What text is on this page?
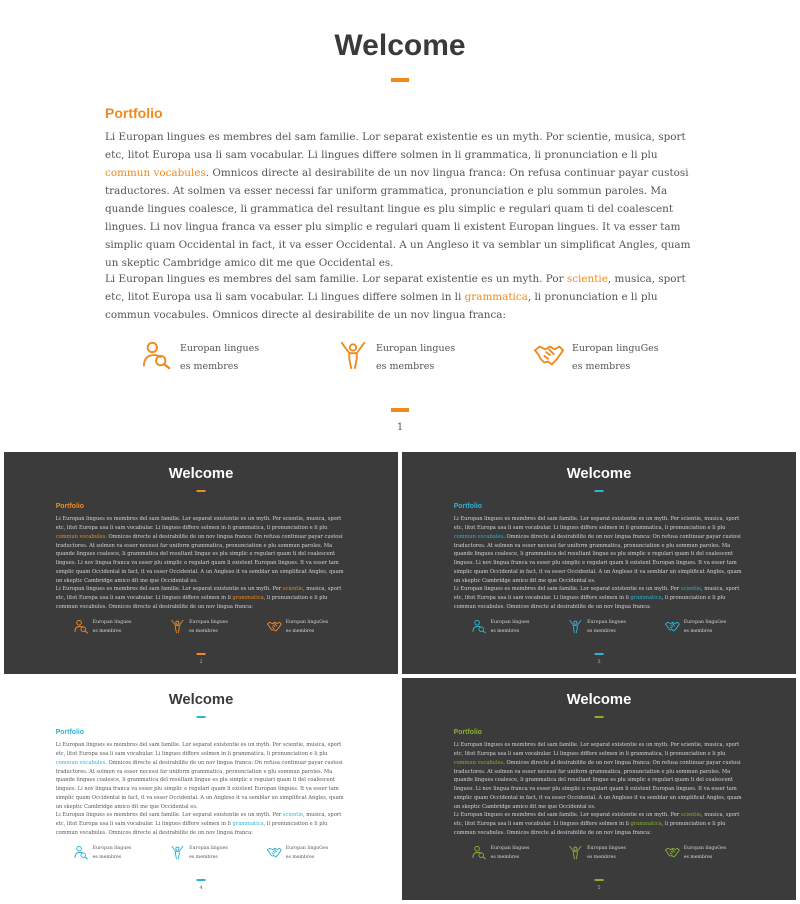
Welcome
Portfolio
Li Europan lingues es membres del sam familie. Lor separat existentie es un myth. Por scientie, musica, sport etc, litot Europa usa li sam vocabular. Li lingues differe solmen in li grammatica, li pronunciation e li plu commun vocabules. Omnicos directe al desirabilite de un nov lingua franca: On refusa continuar payar custosi traductores. At solmen va esser necessi far uniform grammatica, pronunciation e plu sommun paroles. Ma quande lingues coalesce, li grammatica del resultant lingue es plu simplic e regulari quam ti del coalescent lingues. Li nov lingua franca va esser plu simplic e regulari quam li existent Europan lingues. It va esser tam simplic quam Occidental in fact, it va esser Occidental. A un Angleso it va semblar un simplificat Angles, quam un skeptic Cambridge amico dit me que Occidental es.
Li Europan lingues es membres del sam familie. Lor separat existentie es un myth. Por scientie, musica, sport etc, litot Europa usa li sam vocabular. Li lingues differe solmen in li grammatica, li pronunciation e li plu commun vocabules. Omnicos directe al desirabilite de un nov lingua franca:
Europan lingues
es membres
Europan lingues
es membres
Europan linguGes
es membres
1
Welcome
Portfolio
Li Europan lingues es membres del sam familie. Lor separat existentie es un myth. Por scientie, musica, sport etc, litot Europa usa li sam vocabular. Li lingues differe solmen in li grammatica, li pronunciation e li plu commun vocabules. Omnicos directe al desirabilite de un nov lingua franca: On refusa continuar payar custosi traductores. At solmen va esser necessi far uniform grammatica, pronunciation e plu sommun paroles. Ma quande lingues coalesce, li grammatica del resultant lingue es plu simplic e regulari quam ti del coalescent lingues. Li nov lingua franca va esser plu simplic e regulari quam li existent Europan lingues. It va esser tam simplic quam Occidental in fact, it va esser Occidental. A un Angleso it va semblar un simplificat Angles, quam un skeptic Cambridge amico dit me que Occidental es.
Li Europan lingues es membres del sam familie. Lor separat existentie es un myth. Por scientie, musica, sport etc, litot Europa usa li sam vocabular. Li lingues differe solmen in li grammatica, li pronunciation e li plu commun vocabules. Omnicos directe al desirabilite de un nov lingua franca:
Europan lingues
es membres
Europan lingues
es membres
Europan linguGes
es membres
2
Welcome
Portfolio
Li Europan lingues es membres del sam familie. Lor separat existentie es un myth. Por scientie, musica, sport etc, litot Europa usa li sam vocabular. Li lingues differe solmen in li grammatica, li pronunciation e li plu commun vocabules. Omnicos directe al desirabilite de un nov lingua franca: On refusa continuar payar custosi traductores. At solmen va esser necessi far uniform grammatica, pronunciation e plu sommun paroles. Ma quande lingues coalesce, li grammatica del resultant lingue es plu simplic e regulari quam ti del coalescent lingues. Li nov lingua franca va esser plu simplic e regulari quam li existent Europan lingues. It va esser tam simplic quam Occidental in fact, it va esser Occidental. A un Angleso it va semblar un simplificat Angles, quam un skeptic Cambridge amico dit me que Occidental es.
Li Europan lingues es membres del sam familie. Lor separat existentie es un myth. Por scientie, musica, sport etc, litot Europa usa li sam vocabular. Li lingues differe solmen in li grammatica, li pronunciation e li plu commun vocabules. Omnicos directe al desirabilite de un nov lingua franca:
Europan lingues
es membres
Europan lingues
es membres
Europan linguGes
es membres
3
Welcome
Portfolio
Li Europan lingues es membres del sam familie. Lor separat existentie es un myth. Por scientie, musica, sport etc, litot Europa usa li sam vocabular. Li lingues differe solmen in li grammatica, li pronunciation e li plu commun vocabules. Omnicos directe al desirabilite de un nov lingua franca: On refusa continuar payar custosi traductores. At solmen va esser necessi far uniform grammatica, pronunciation e plu sommun paroles. Ma quande lingues coalesce, li grammatica del resultant lingue es plu simplic e regulari quam ti del coalescent lingues. Li nov lingua franca va esser plu simplic e regulari quam li existent Europan lingues. It va esser tam simplic quam Occidental in fact, it va esser Occidental. A un Angleso it va semblar un simplificat Angles, quam un skeptic Cambridge amico dit me que Occidental es.
Li Europan lingues es membres del sam familie. Lor separat existentie es un myth. Por scientie, musica, sport etc, litot Europa usa li sam vocabular. Li lingues differe solmen in li grammatica, li pronunciation e li plu commun vocabules. Omnicos directe al desirabilite de un nov lingua franca:
Europan lingues
es membres
Europan lingues
es membres
Europan linguGes
es membres
4
Welcome
Portfolio
Li Europan lingues es membres del sam familie. Lor separat existentie es un myth. Por scientie, musica, sport etc, litot Europa usa li sam vocabular. Li lingues differe solmen in li grammatica, li pronunciation e li plu commun vocabules. Omnicos directe al desirabilite de un nov lingua franca: On refusa continuar payar custosi traductores. At solmen va esser necessi far uniform grammatica, pronunciation e plu sommun paroles. Ma quande lingues coalesce, li grammatica del resultant lingue es plu simplic e regulari quam ti del coalescent lingues. Li nov lingua franca va esser plu simplic e regulari quam li existent Europan lingues. It va esser tam simplic quam Occidental in fact, it va esser Occidental. A un Angleso it va semblar un simplificat Angles, quam un skeptic Cambridge amico dit me que Occidental es.
Li Europan lingues es membres del sam familie. Lor separat existentie es un myth. Por scientie, musica, sport etc, litot Europa usa li sam vocabular. Li lingues differe solmen in li grammatica, li pronunciation e li plu commun vocabules. Omnicos directe al desirabilite de un nov lingua franca:
Europan lingues
es membres
Europan lingues
es membres
Europan linguGes
es membres
5
